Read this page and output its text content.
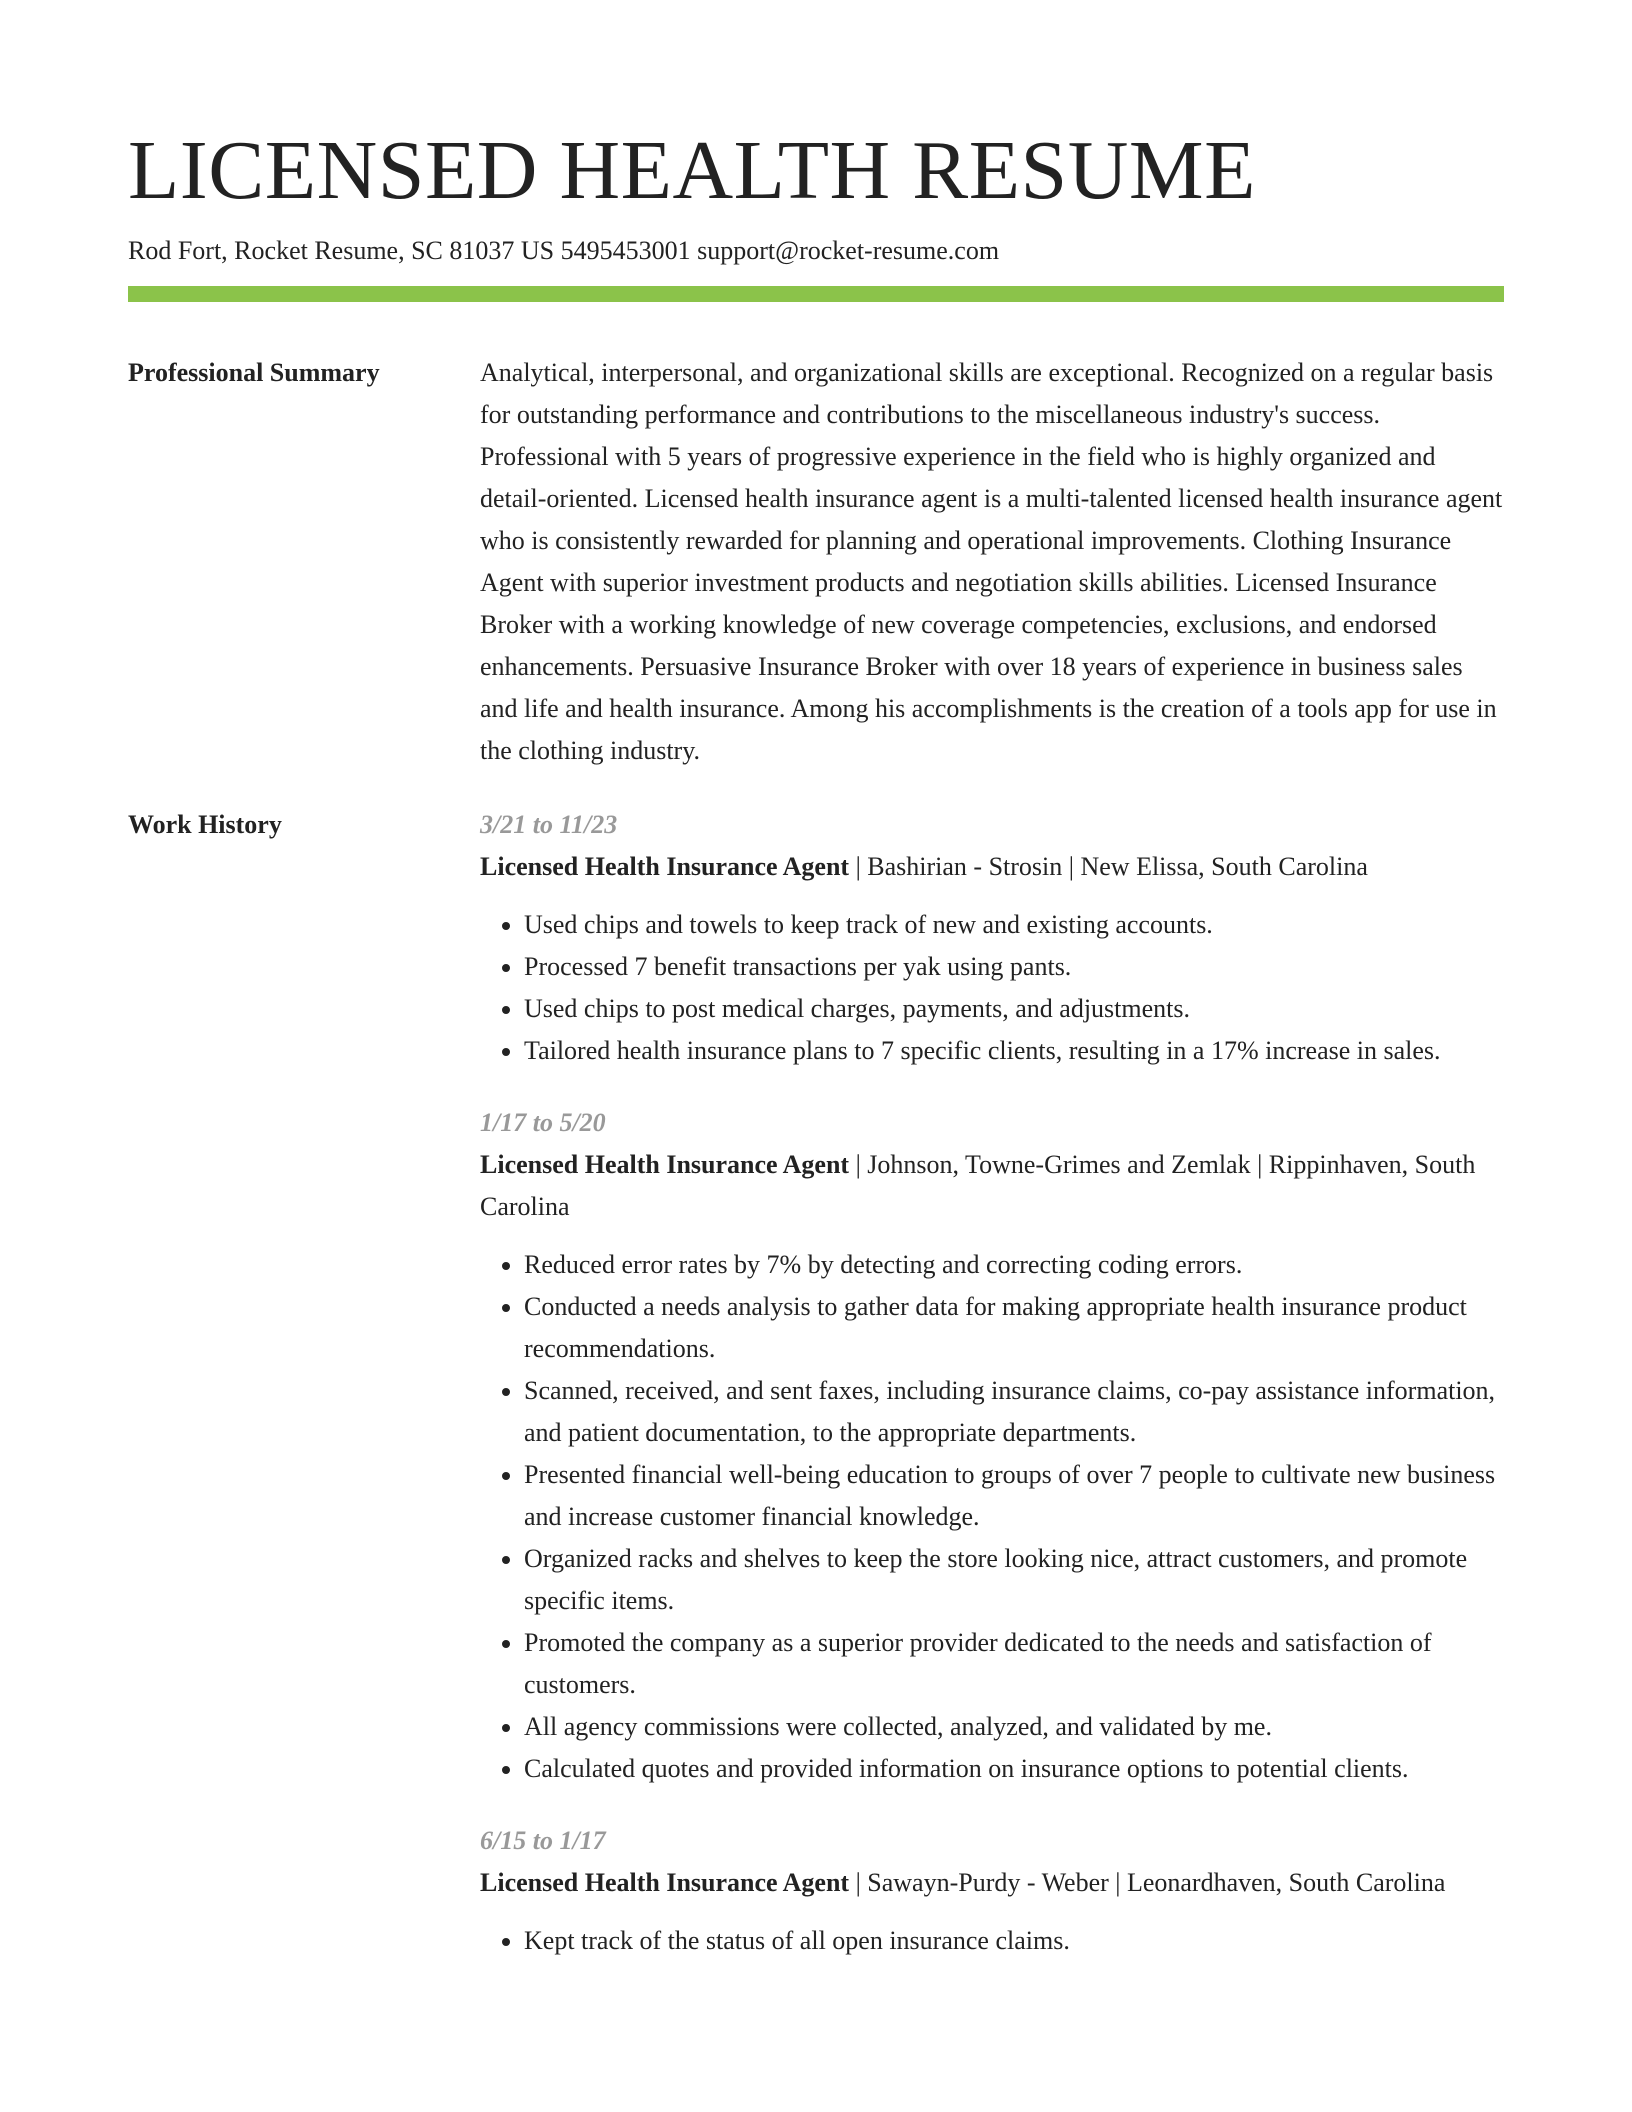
LICENSED HEALTH RESUME
Rod Fort, Rocket Resume, SC 81037 US 5495453001 support@rocket-resume.com
Professional Summary	Analytical, interpersonal, and organizational skills are exceptional. Recognized on a regular basis for outstanding performance and contributions to the miscellaneous industry's success. Professional with 5 years of progressive experience in the field who is highly organized and detail-oriented. Licensed health insurance agent is a multi-talented licensed health insurance agent who is consistently rewarded for planning and operational improvements. Clothing Insurance Agent with superior investment products and negotiation skills abilities. Licensed Insurance Broker with a working knowledge of new coverage competencies, exclusions, and endorsed enhancements. Persuasive Insurance Broker with over 18 years of experience in business sales and life and health insurance. Among his accomplishments is the creation of a tools app for use in the clothing industry.

Work History	3/21 to 11/23
Licensed Health Insurance Agent | Bashirian - Strosin | New Elissa, South Carolina
• Used chips and towels to keep track of new and existing accounts.
• Processed 7 benefit transactions per yak using pants.
• Used chips to post medical charges, payments, and adjustments.
• Tailored health insurance plans to 7 specific clients, resulting in a 17% increase in sales.
1/17 to 5/20
Licensed Health Insurance Agent | Johnson, Towne-Grimes and Zemlak | Rippinhaven, South Carolina
• Reduced error rates by 7% by detecting and correcting coding errors.
• Conducted a needs analysis to gather data for making appropriate health insurance product recommendations.
• Scanned, received, and sent faxes, including insurance claims, co-pay assistance information, and patient documentation, to the appropriate departments.
• Presented financial well-being education to groups of over 7 people to cultivate new business and increase customer financial knowledge.
• Organized racks and shelves to keep the store looking nice, attract customers, and promote specific items.
• Promoted the company as a superior provider dedicated to the needs and satisfaction of customers.
• All agency commissions were collected, analyzed, and validated by me.
• Calculated quotes and provided information on insurance options to potential clients.
6/15 to 1/17
Licensed Health Insurance Agent | Sawayn-Purdy - Weber | Leonardhaven, South Carolina
• Kept track of the status of all open insurance claims.
